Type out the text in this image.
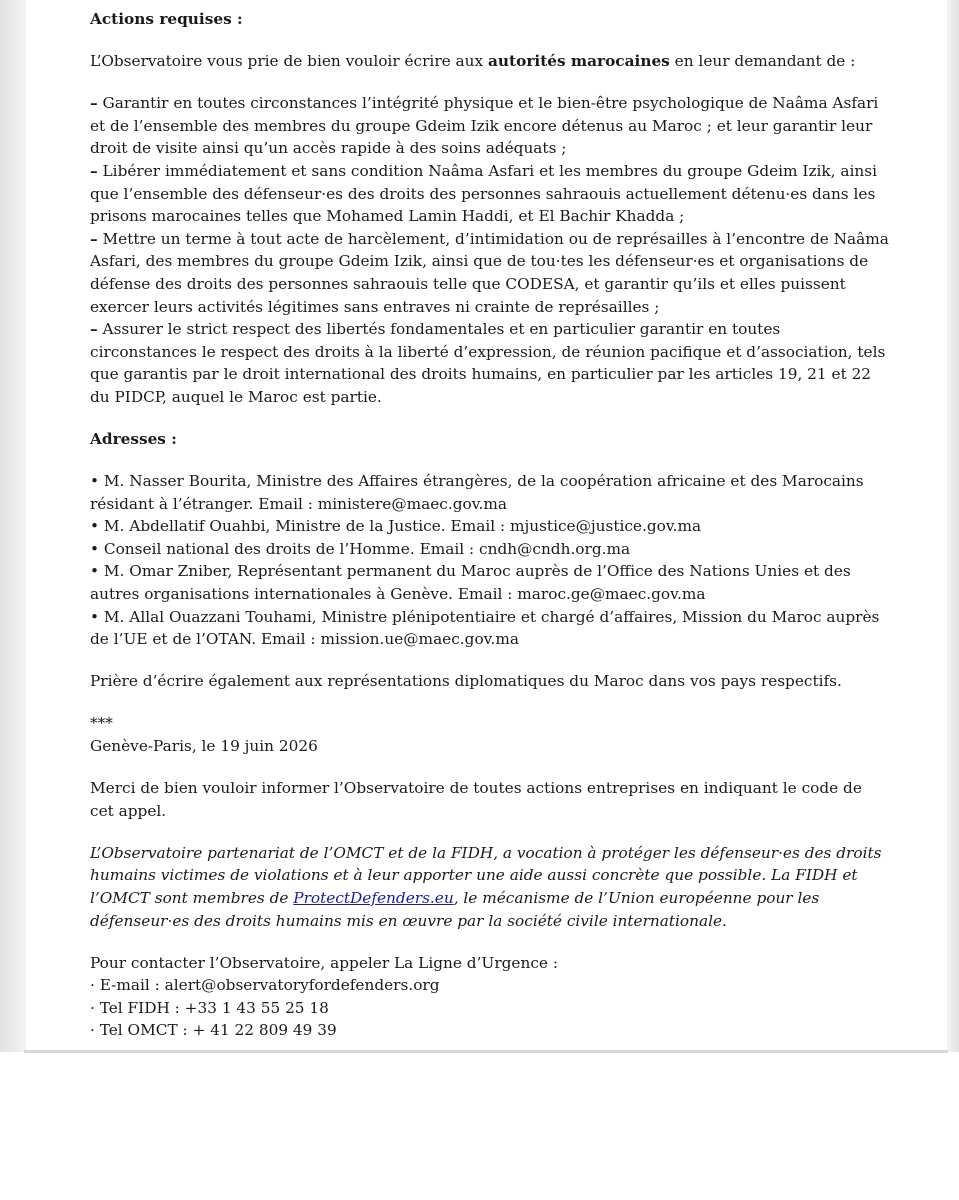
Actions requises :

L’Observatoire vous prie de bien vouloir écrire aux autorités marocaines en leur demandant de :

– Garantir en toutes circonstances l’intégrité physique et le bien-être psychologique de Naâma Asfari et de l’ensemble des membres du groupe Gdeim Izik encore détenus au Maroc ; et leur garantir leur droit de visite ainsi qu’un accès rapide à des soins adéquats ;
– Libérer immédiatement et sans condition Naâma Asfari et les membres du groupe Gdeim Izik, ainsi que l’ensemble des défenseur·es des droits des personnes sahraouis actuellement détenu·es dans les prisons marocaines telles que Mohamed Lamin Haddi, et El Bachir Khadda ;
– Mettre un terme à tout acte de harcèlement, d’intimidation ou de représailles à l’encontre de Naâma Asfari, des membres du groupe Gdeim Izik, ainsi que de tou·tes les défenseur·es et organisations de défense des droits des personnes sahraouis telle que CODESA, et garantir qu’ils et elles puissent exercer leurs activités légitimes sans entraves ni crainte de représailles ;
– Assurer le strict respect des libertés fondamentales et en particulier garantir en toutes circonstances le respect des droits à la liberté d’expression, de réunion pacifique et d’association, tels que garantis par le droit international des droits humains, en particulier par les articles 19, 21 et 22 du PIDCP, auquel le Maroc est partie.

Adresses :

• M. Nasser Bourita, Ministre des Affaires étrangères, de la coopération africaine et des Marocains résidant à l’étranger. Email : ministere@maec.gov.ma
• M. Abdellatif Ouahbi, Ministre de la Justice. Email : mjustice@justice.gov.ma
• Conseil national des droits de l’Homme. Email : cndh@cndh.org.ma
• M. Omar Zniber, Représentant permanent du Maroc auprès de l’Office des Nations Unies et des autres organisations internationales à Genève. Email : maroc.ge@maec.gov.ma
• M. Allal Ouazzani Touhami, Ministre plénipotentiaire et chargé d’affaires, Mission du Maroc auprès de l’UE et de l’OTAN. Email : mission.ue@maec.gov.ma

Prière d’écrire également aux représentations diplomatiques du Maroc dans vos pays respectifs.

***
Genève-Paris, le 19 juin 2026

Merci de bien vouloir informer l’Observatoire de toutes actions entreprises en indiquant le code de cet appel.

L’Observatoire partenariat de l’OMCT et de la FIDH, a vocation à protéger les défenseur·es des droits humains victimes de violations et à leur apporter une aide aussi concrète que possible. La FIDH et l’OMCT sont membres de ProtectDefenders.eu, le mécanisme de l’Union européenne pour les défenseur·es des droits humains mis en œuvre par la société civile internationale.

Pour contacter l’Observatoire, appeler La Ligne d’Urgence :
· E-mail : alert@observatoryfordefenders.org
· Tel FIDH : +33 1 43 55 25 18
· Tel OMCT : + 41 22 809 49 39
